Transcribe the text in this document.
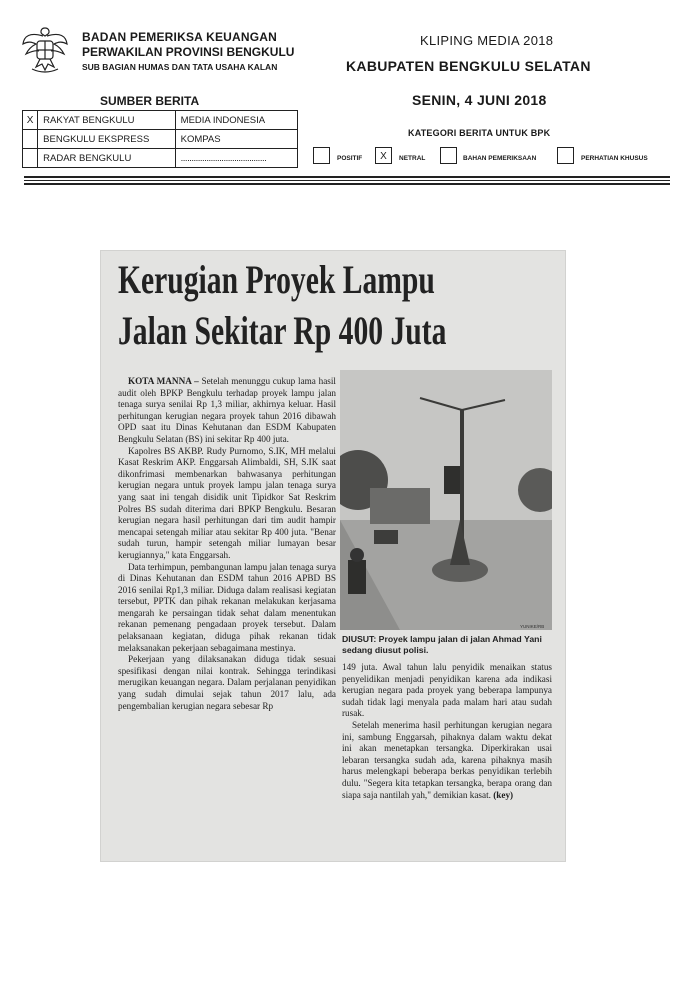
BADAN PEMERIKSA KEUANGAN
PERWAKILAN PROVINSI BENGKULU
SUB BAGIAN HUMAS DAN TATA USAHA KALAN
KLIPING MEDIA 2018
KABUPATEN BENGKULU SELATAN
SENIN, 4 JUNI 2018
SUMBER BERITA
X	RAKYAT BENGKULU	MEDIA INDONESIA
	BENGKULU EKSPRESS	KOMPAS
	RADAR BENGKULU	........................................
KATEGORI BERITA UNTUK BPK
POSITIF	X	NETRAL	BAHAN PEMERIKSAAN	PERHATIAN KHUSUS
Kerugian Proyek Lampu
Jalan Sekitar Rp 400 Juta

KOTA MANNA – Setelah menunggu cukup lama hasil audit oleh BPKP Bengkulu terhadap proyek lampu jalan tenaga surya senilai Rp 1,3 miliar, akhirnya keluar. Hasil perhitungan kerugian negara proyek tahun 2016 dibawah OPD saat itu Dinas Kehutanan dan ESDM Kabupaten Bengkulu Selatan (BS) ini sekitar Rp 400 juta.

Kapolres BS AKBP. Rudy Purnomo, S.IK, MH melalui Kasat Reskrim AKP. Enggarsah Alimbaldi, SH, S.IK saat dikonfrimasi membenarkan bahwasanya perhitungan kerugian negara untuk proyek lampu jalan tenaga surya yang saat ini tengah disidik unit Tipidkor Sat Reskrim Polres BS sudah diterima dari BPKP Bengkulu. Besaran kerugian negara hasil perhitungan dari tim audit hampir mencapai setengah miliar atau sekitar Rp 400 juta. "Benar sudah turun, hampir setengah miliar lumayan besar kerugiannya," kata Enggarsah.

Data terhimpun, pembangunan lampu jalan tenaga surya di Dinas Kehutanan dan ESDM tahun 2016 APBD BS 2016 senilai Rp1,3 miliar. Diduga dalam realisasi kegiatan tersebut, PPTK dan pihak rekanan melakukan kerjasama mengarah ke persaingan tidak sehat dalam menentukan rekanan pemenang pengadaan proyek tersebut. Dalam pelaksanaan kegiatan, diduga pihak rekanan tidak melaksanakan pekerjaan sebagaimana mestinya.

Pekerjaan yang dilaksanakan diduga tidak sesuai spesifikasi dengan nilai kontrak. Sehingga terindikasi merugikan keuangan negara. Dalam perjalanan penyidikan yang sudah dimulai sejak tahun 2017 lalu, ada pengembalian kerugian negara sebesar Rp

YUNIKE/RB
DIUSUT: Proyek lampu jalan di jalan Ahmad Yani sedang diusut polisi.

149 juta. Awal tahun lalu penyidik menaikan status penyelidikan menjadi penyidikan karena ada indikasi kerugian negara pada proyek yang beberapa lampunya sudah tidak lagi menyala pada malam hari atau sudah rusak.

Setelah menerima hasil perhitungan kerugian negara ini, sambung Enggarsah, pihaknya dalam waktu dekat ini akan menetapkan tersangka. Diperkirakan usai lebaran tersangka sudah ada, karena pihaknya masih harus melengkapi beberapa berkas penyidikan terlebih dulu. "Segera kita tetapkan tersangka, berapa orang dan siapa saja nantilah yah," demikian kasat. (key)
